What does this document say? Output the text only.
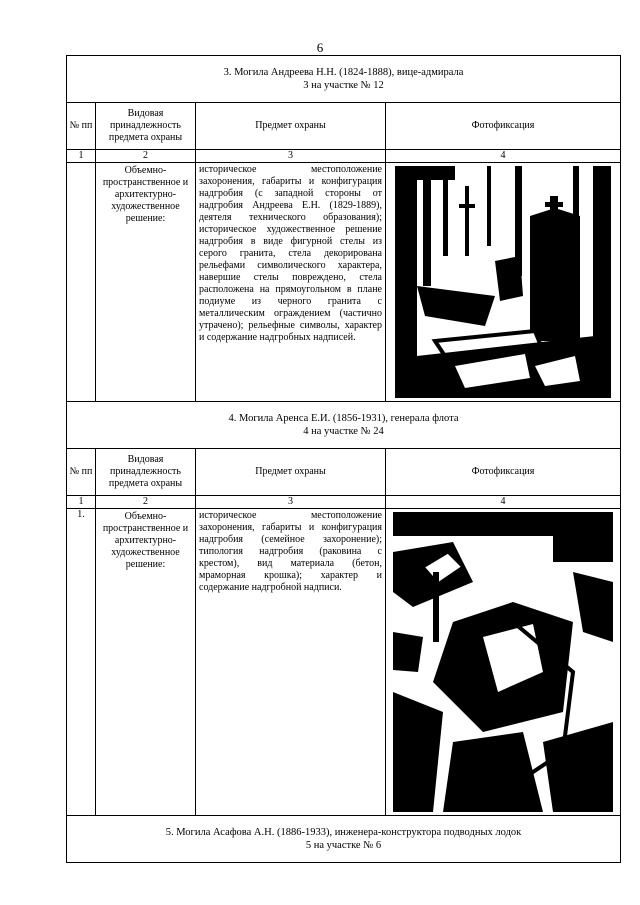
6
3. Могила Андреева Н.Н. (1824-1888), вице-адмирала
3 на участке № 12			

№ пп	Видовая принадлежность предмета охраны	Предмет охраны	Фотофиксация
1	2	3	4
	Объемно-пространственное и архитектурно-художественное решение:	историческое местоположение захоронения, габариты и конфигурация надгробия (с западной стороны от надгробия Андреева Е.Н. (1829-1889), деятеля технического образования); историческое художественное решение надгробия в виде фигурной стелы из серого гранита, стела декорирована рельефами символического характера, навершие стелы повреждено, стела расположена на прямоугольном в плане подиуме из черного гранита с металлическим ограждением (частично утрачено); рельефные символы, характер и содержание надгробных надписей.	

4. Могила Аренса Е.И. (1856-1931), генерала флота
4 на участке № 24			

№ пп	Видовая принадлежность предмета охраны	Предмет охраны	Фотофиксация
1	2	3	4
1.	Объемно-пространственное и архитектурно-художественное решение:	историческое местоположение захоронения, габариты и конфигурация надгробия (семейное захоронение); типология надгробия (раковина с крестом), вид материала (бетон, мраморная крошка); характер и содержание надгробной надписи.	

5. Могила Асафова А.Н. (1886-1933), инженера-конструктора подводных лодок
5 на участке № 6			
